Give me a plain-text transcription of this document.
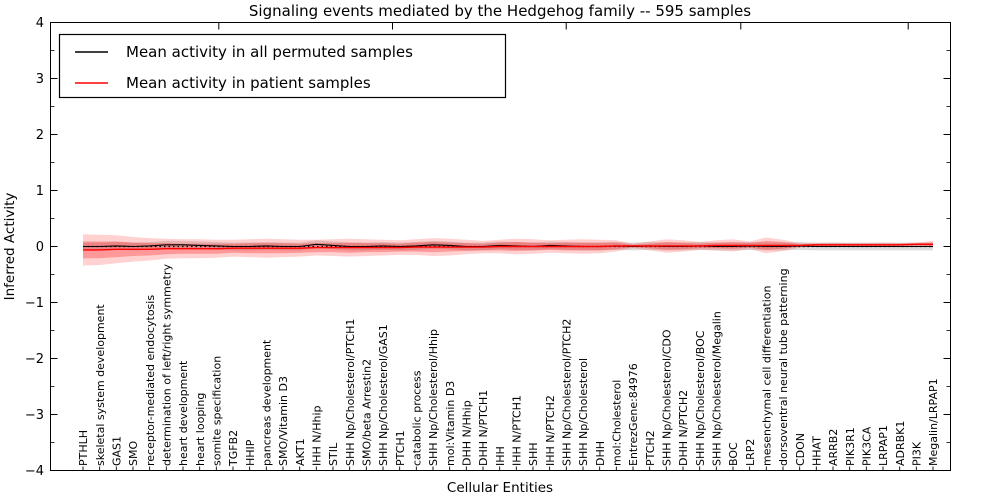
Signaling events mediated by the Hedgehog family -- 595 samples
−4
−3
−2
−1
0
1
2
3
4
PTHLH skeletal system development GAS1 SMO receptor-mediated endocytosis determination of left/right symmetry heart development heart looping somite specification TGFB2 HHIP pancreas development SMO/Vitamin D3 AKT1 IHH N/Hhip STIL SHH Np/Cholesterol/PTCH1 SMO/beta Arrestin2 SHH Np/Cholesterol/GAS1 PTCH1 catabolic process SHH Np/Cholesterol/Hhip mol:Vitamin D3 DHH N/Hhip DHH N/PTCH1 IHH IHH N/PTCH1 SHH IHH N/PTCH2 SHH Np/Cholesterol/PTCH2 SHH Np/Cholesterol DHH mol:Cholesterol EntrezGene:84976 PTCH2 SHH Np/Cholesterol/CDO DHH N/PTCH2 SHH Np/Cholesterol/BOC SHH Np/Cholesterol/Megalin BOC LRP2 mesenchymal cell differentiation dorsoventral neural tube patterning CDON HHAT ARRB2 PIK3R1 PIK3CA LRPAP1 ADRBK1 PI3K Megalin/LRPAP1
Cellular Entities
Inferred Activity
Mean activity in all permuted samples
Mean activity in patient samples
